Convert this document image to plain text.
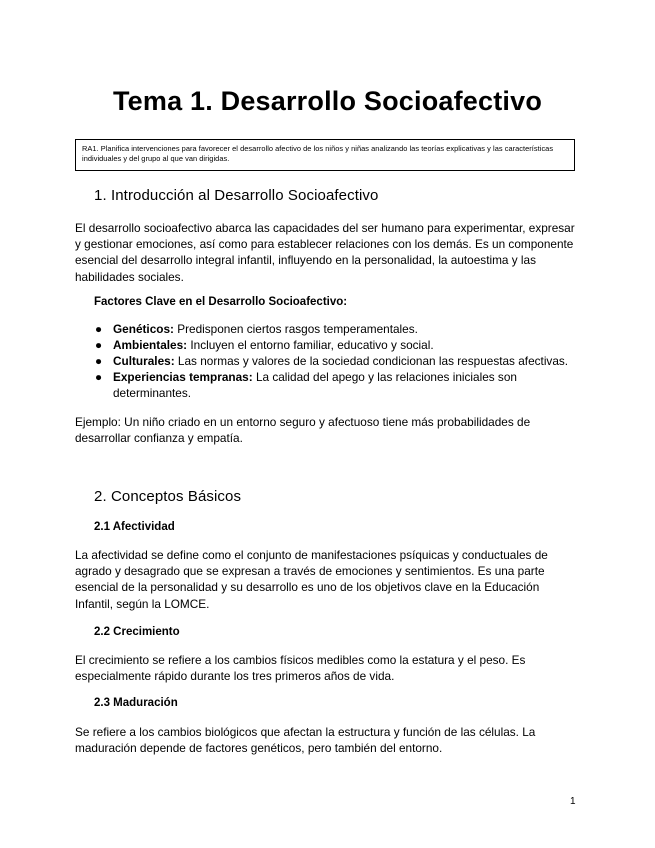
Tema 1. Desarrollo Socioafectivo
RA1. Planifica intervenciones para favorecer el desarrollo afectivo de los niños y niñas analizando las teorías explicativas y las características individuales y del grupo al que van dirigidas.
1. Introducción al Desarrollo Socioafectivo
El desarrollo socioafectivo abarca las capacidades del ser humano para experimentar, expresar y gestionar emociones, así como para establecer relaciones con los demás. Es un componente esencial del desarrollo integral infantil, influyendo en la personalidad, la autoestima y las habilidades sociales.
Factores Clave en el Desarrollo Socioafectivo:
● Genéticos: Predisponen ciertos rasgos temperamentales.
● Ambientales: Incluyen el entorno familiar, educativo y social.
● Culturales: Las normas y valores de la sociedad condicionan las respuestas afectivas.
● Experiencias tempranas: La calidad del apego y las relaciones iniciales son determinantes.
Ejemplo: Un niño criado en un entorno seguro y afectuoso tiene más probabilidades de desarrollar confianza y empatía.
2. Conceptos Básicos
2.1 Afectividad
La afectividad se define como el conjunto de manifestaciones psíquicas y conductuales de agrado y desagrado que se expresan a través de emociones y sentimientos. Es una parte esencial de la personalidad y su desarrollo es uno de los objetivos clave en la Educación Infantil, según la LOMCE.
2.2 Crecimiento
El crecimiento se refiere a los cambios físicos medibles como la estatura y el peso. Es especialmente rápido durante los tres primeros años de vida.
2.3 Maduración
Se refiere a los cambios biológicos que afectan la estructura y función de las células. La maduración depende de factores genéticos, pero también del entorno.
1
